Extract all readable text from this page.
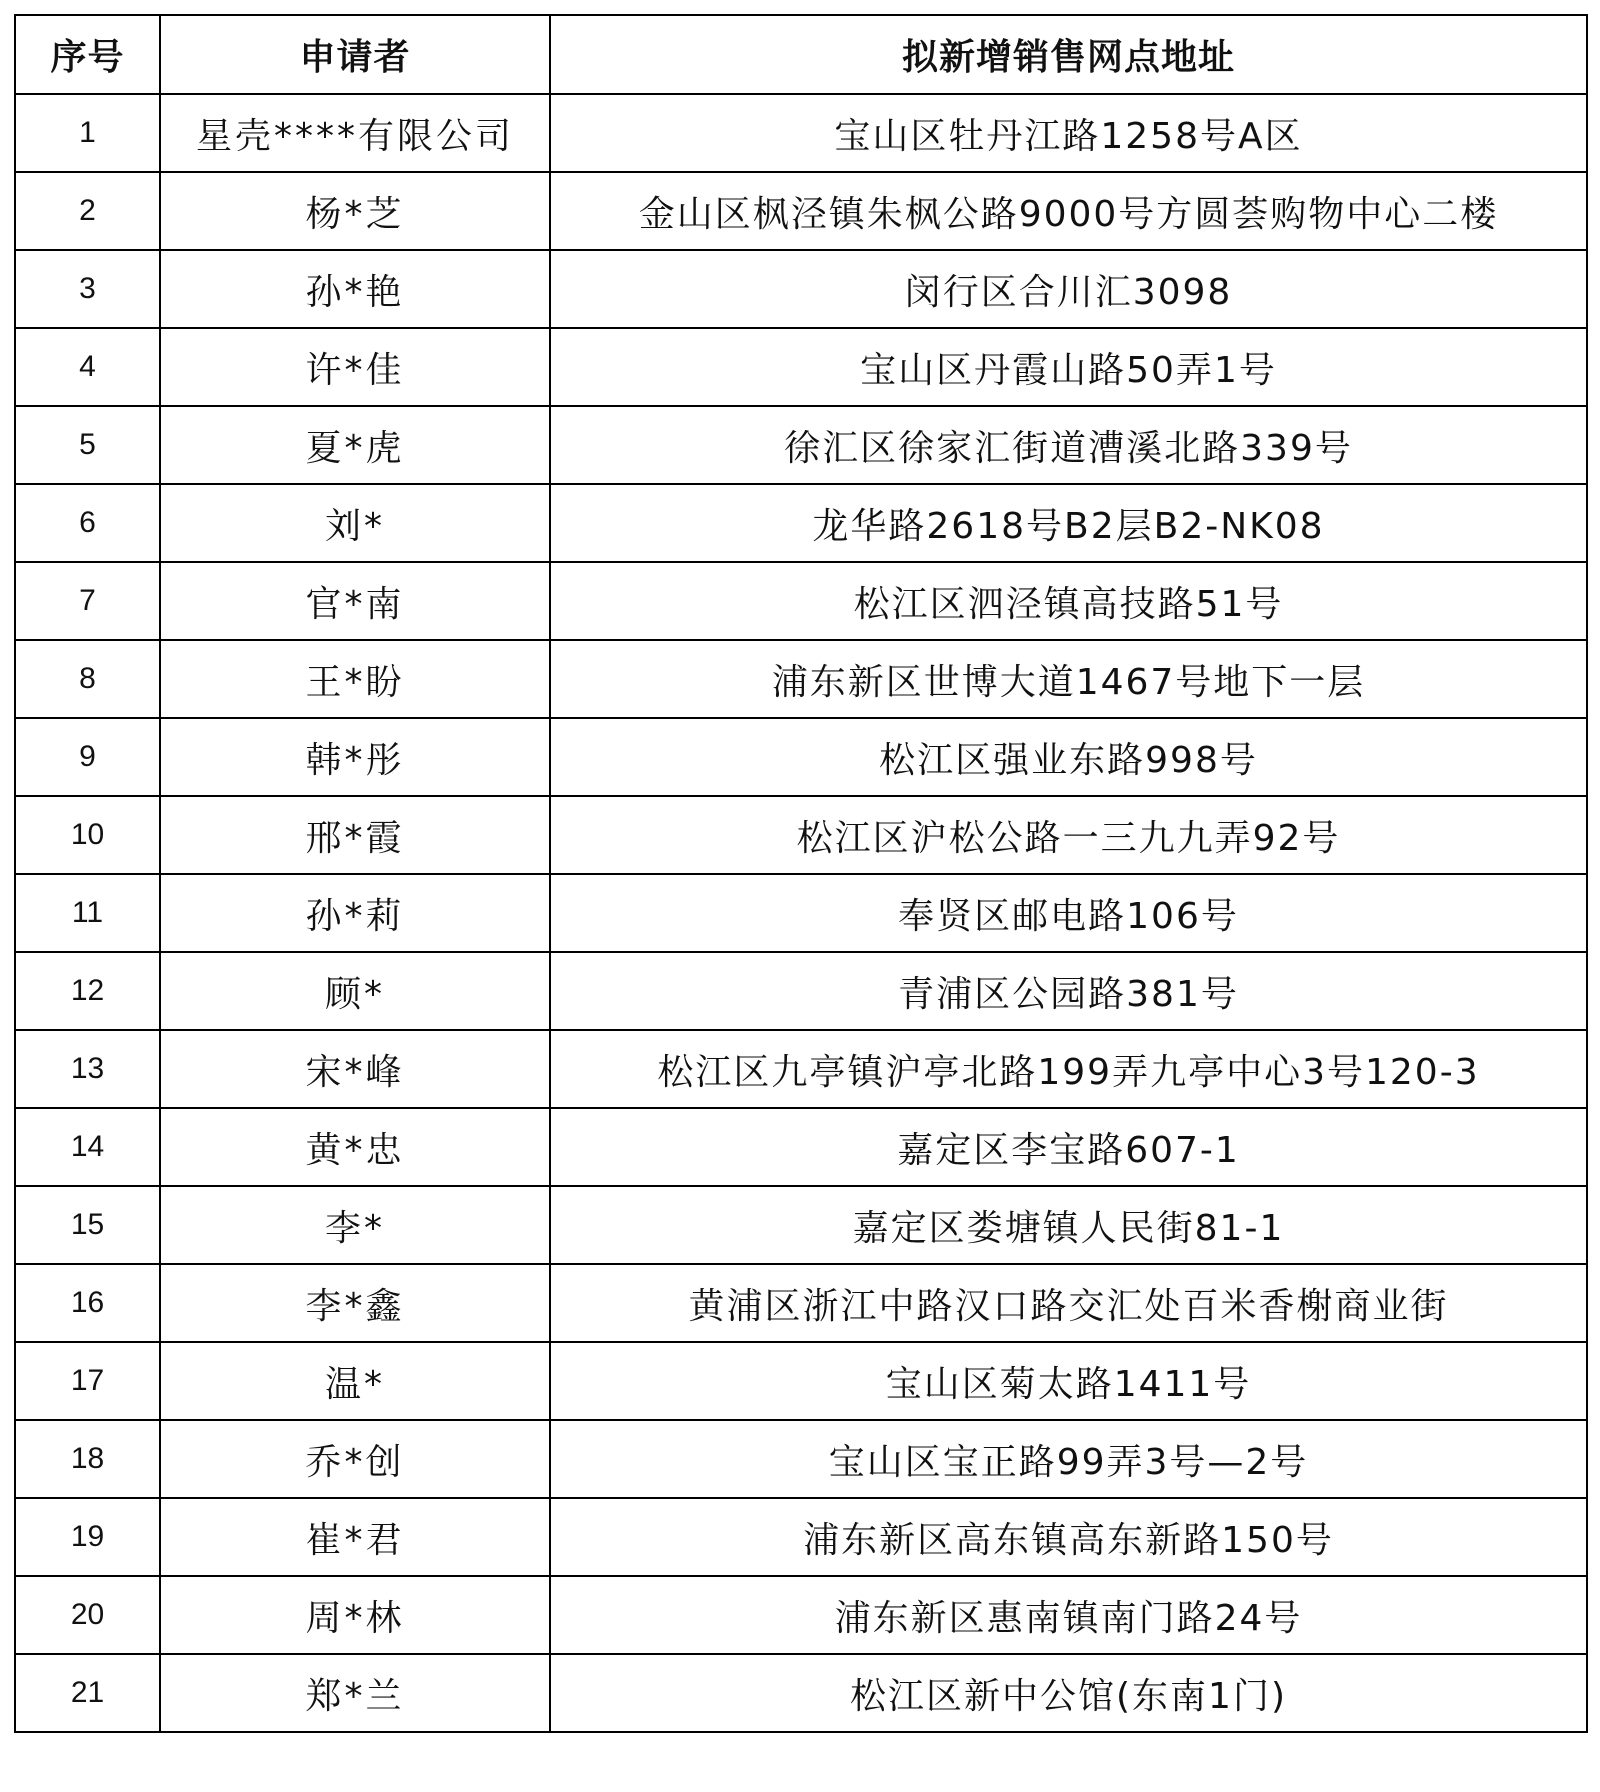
序号	申请者	拟新增销售网点地址
1	星壳****有限公司	宝山区牡丹江路1258号A区
2	杨*芝	金山区枫泾镇朱枫公路9000号方圆荟购物中心二楼
3	孙*艳	闵行区合川汇3098
4	许*佳	宝山区丹霞山路50弄1号
5	夏*虎	徐汇区徐家汇街道漕溪北路339号
6	刘*	龙华路2618号B2层B2-NK08
7	官*南	松江区泗泾镇高技路51号
8	王*盼	浦东新区世博大道1467号地下一层
9	韩*彤	松江区强业东路998号
10	邢*霞	松江区沪松公路一三九九弄92号
11	孙*莉	奉贤区邮电路106号
12	顾*	青浦区公园路381号
13	宋*峰	松江区九亭镇沪亭北路199弄九亭中心3号120-3
14	黄*忠	嘉定区李宝路607-1
15	李*	嘉定区娄塘镇人民街81-1
16	李*鑫	黄浦区浙江中路汉口路交汇处百米香榭商业街
17	温*	宝山区菊太路1411号
18	乔*创	宝山区宝正路99弄3号—2号
19	崔*君	浦东新区高东镇高东新路150号
20	周*林	浦东新区惠南镇南门路24号
21	郑*兰	松江区新中公馆(东南1门)
